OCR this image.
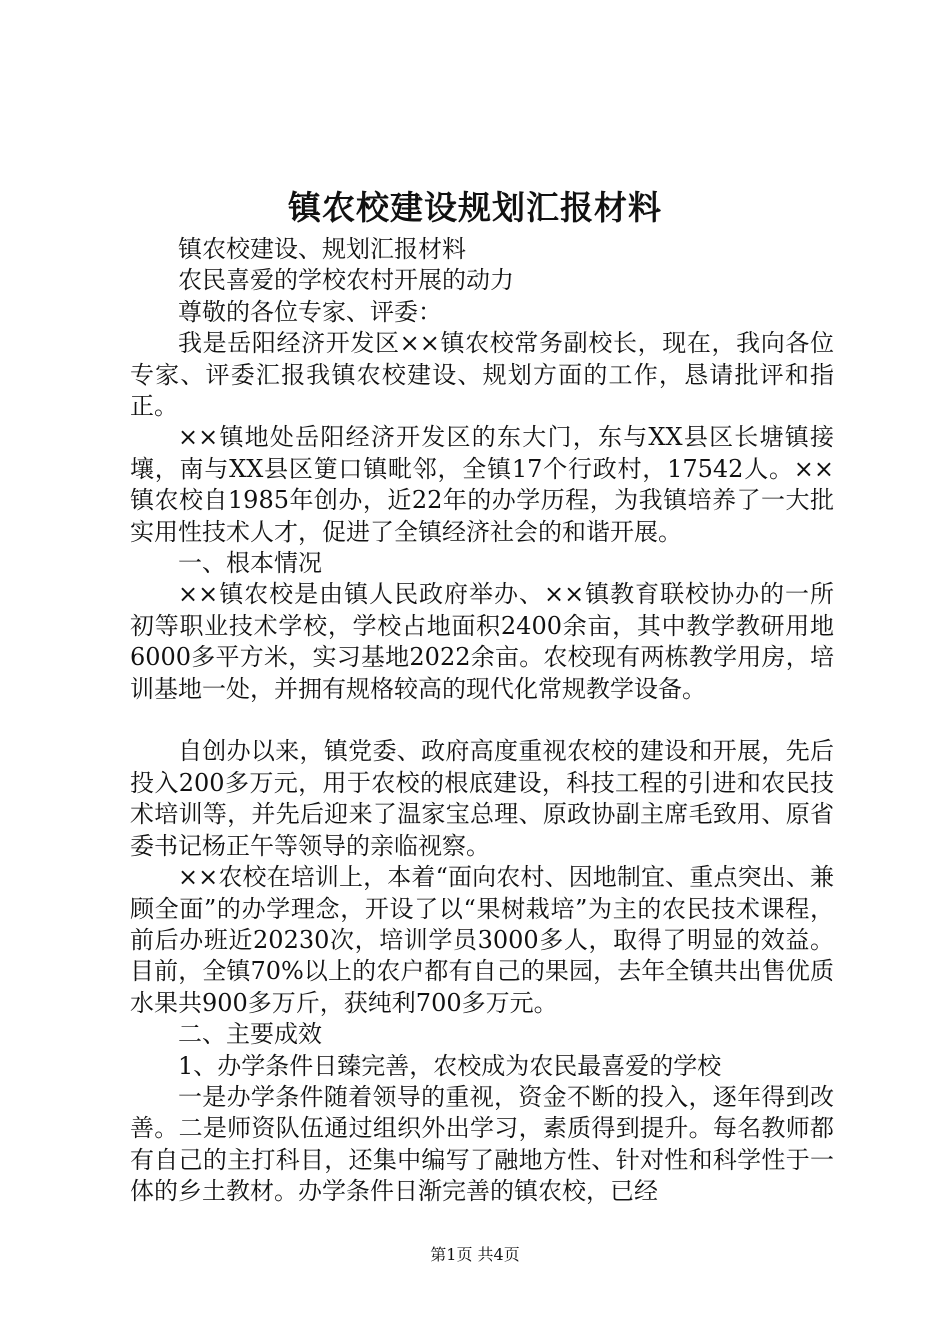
镇农校建设规划汇报材料

镇农校建设、规划汇报材料

农民喜爱的学校农村开展的动力

尊敬的各位专家、评委：

我是岳阳经济开发区××镇农校常务副校长，现在，我向各位专家、评委汇报我镇农校建设、规划方面的工作，恳请批评和指正。

××镇地处岳阳经济开发区的东大门，东与XX县区长塘镇接壤，南与XX县区筻口镇毗邻，全镇17个行政村，17542人。××镇农校自1985年创办，近22年的办学历程，为我镇培养了一大批实用性技术人才，促进了全镇经济社会的和谐开展。

一、根本情况

××镇农校是由镇人民政府举办、××镇教育联校协办的一所初等职业技术学校，学校占地面积2400余亩，其中教学教研用地6000多平方米，实习基地2022余亩。农校现有两栋教学用房，培训基地一处，并拥有规格较高的现代化常规教学设备。

自创办以来，镇党委、政府高度重视农校的建设和开展，先后投入200多万元，用于农校的根底建设，科技工程的引进和农民技术培训等，并先后迎来了温家宝总理、原政协副主席毛致用、原省委书记杨正午等领导的亲临视察。

××农校在培训上，本着“面向农村、因地制宜、重点突出、兼顾全面”的办学理念，开设了以“果树栽培”为主的农民技术课程，前后办班近20230次，培训学员3000多人，取得了明显的效益。目前，全镇70%以上的农户都有自己的果园，去年全镇共出售优质水果共900多万斤，获纯利700多万元。

二、主要成效

1、办学条件日臻完善，农校成为农民最喜爱的学校

一是办学条件随着领导的重视，资金不断的投入，逐年得到改善。二是师资队伍通过组织外出学习，素质得到提升。每名教师都有自己的主打科目，还集中编写了融地方性、针对性和科学性于一体的乡土教材。办学条件日渐完善的镇农校，已经

第1页 共4页
